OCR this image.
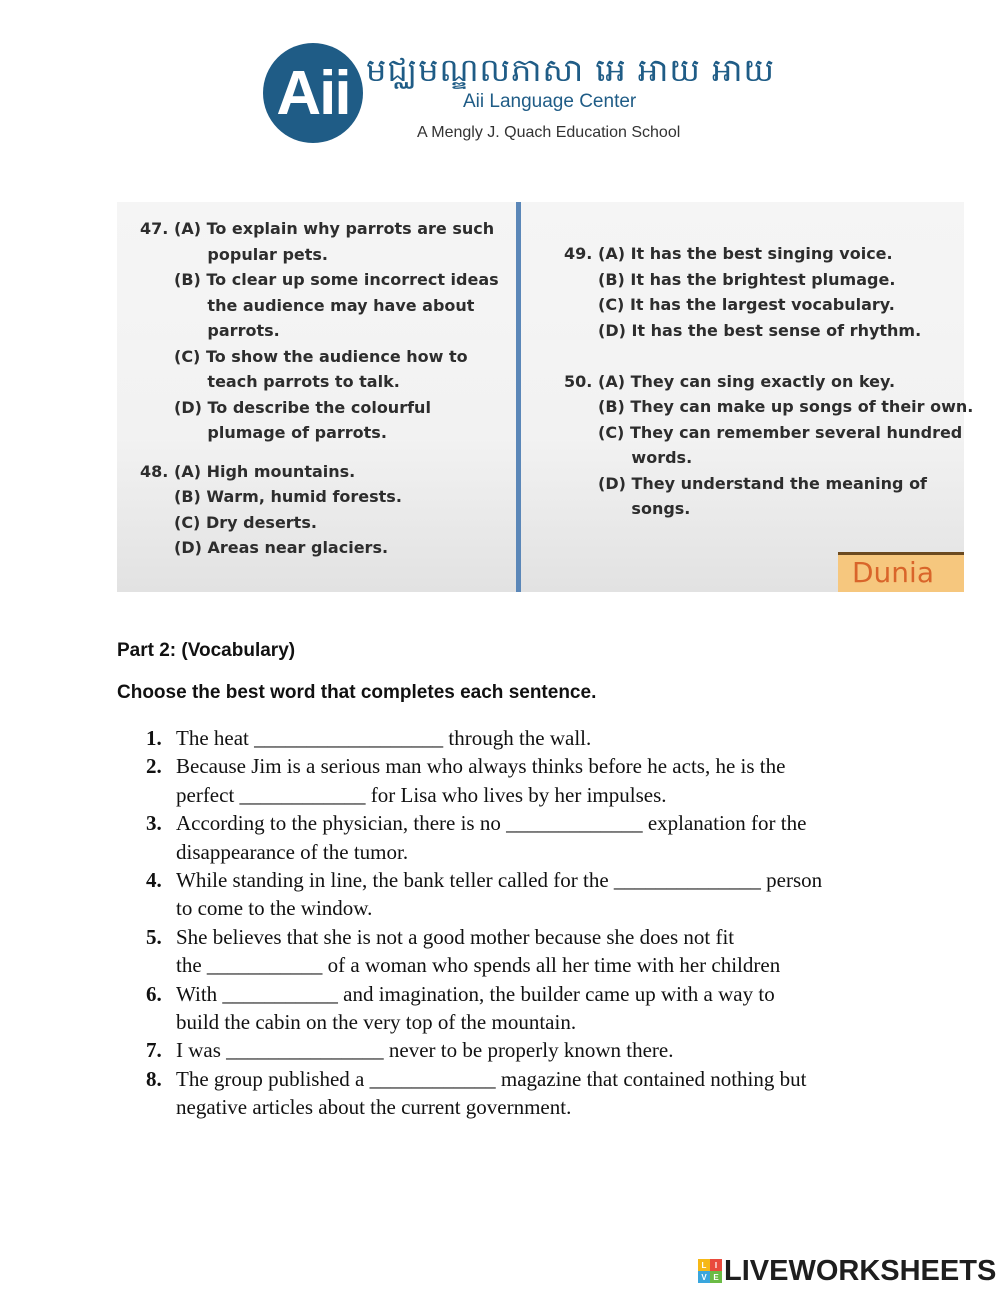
Aii មជ្ឈមណ្ឌលភាសា អេ អាយ អាយ
Aii Language Center
A Mengly J. Quach Education School
47. (A) To explain why parrots are such
popular pets.
(B) To clear up some incorrect ideas
the audience may have about
parrots.
(C) To show the audience how to
teach parrots to talk.
(D) To describe the colourful
plumage of parrots.
48. (A) High mountains.
(B) Warm, humid forests.
(C) Dry deserts.
(D) Areas near glaciers.
49. (A) It has the best singing voice.
(B) It has the brightest plumage.
(C) It has the largest vocabulary.
(D) It has the best sense of rhythm.

50. (A) They can sing exactly on key.
(B) They can make up songs of their own.
(C) They can remember several hundred
words.
(D) They understand the meaning of
songs.
Dunia
Part 2: (Vocabulary)
Choose the best word that completes each sentence.
1. The heat __________________ through the wall.
2. Because Jim is a serious man who always thinks before he acts, he is the
perfect ____________ for Lisa who lives by her impulses.
3. According to the physician, there is no _____________ explanation for the
disappearance of the tumor.
4. While standing in line, the bank teller called for the ______________ person
to come to the window.
5. She believes that she is not a good mother because she does not fit
the ___________ of a woman who spends all her time with her children
6. With ___________ and imagination, the builder came up with a way to
build the cabin on the very top of the mountain.
7. I was _______________ never to be properly known there.
8. The group published a ____________ magazine that contained nothing but
negative articles about the current government.
L	I
V E LIVEWORKSHEETS
